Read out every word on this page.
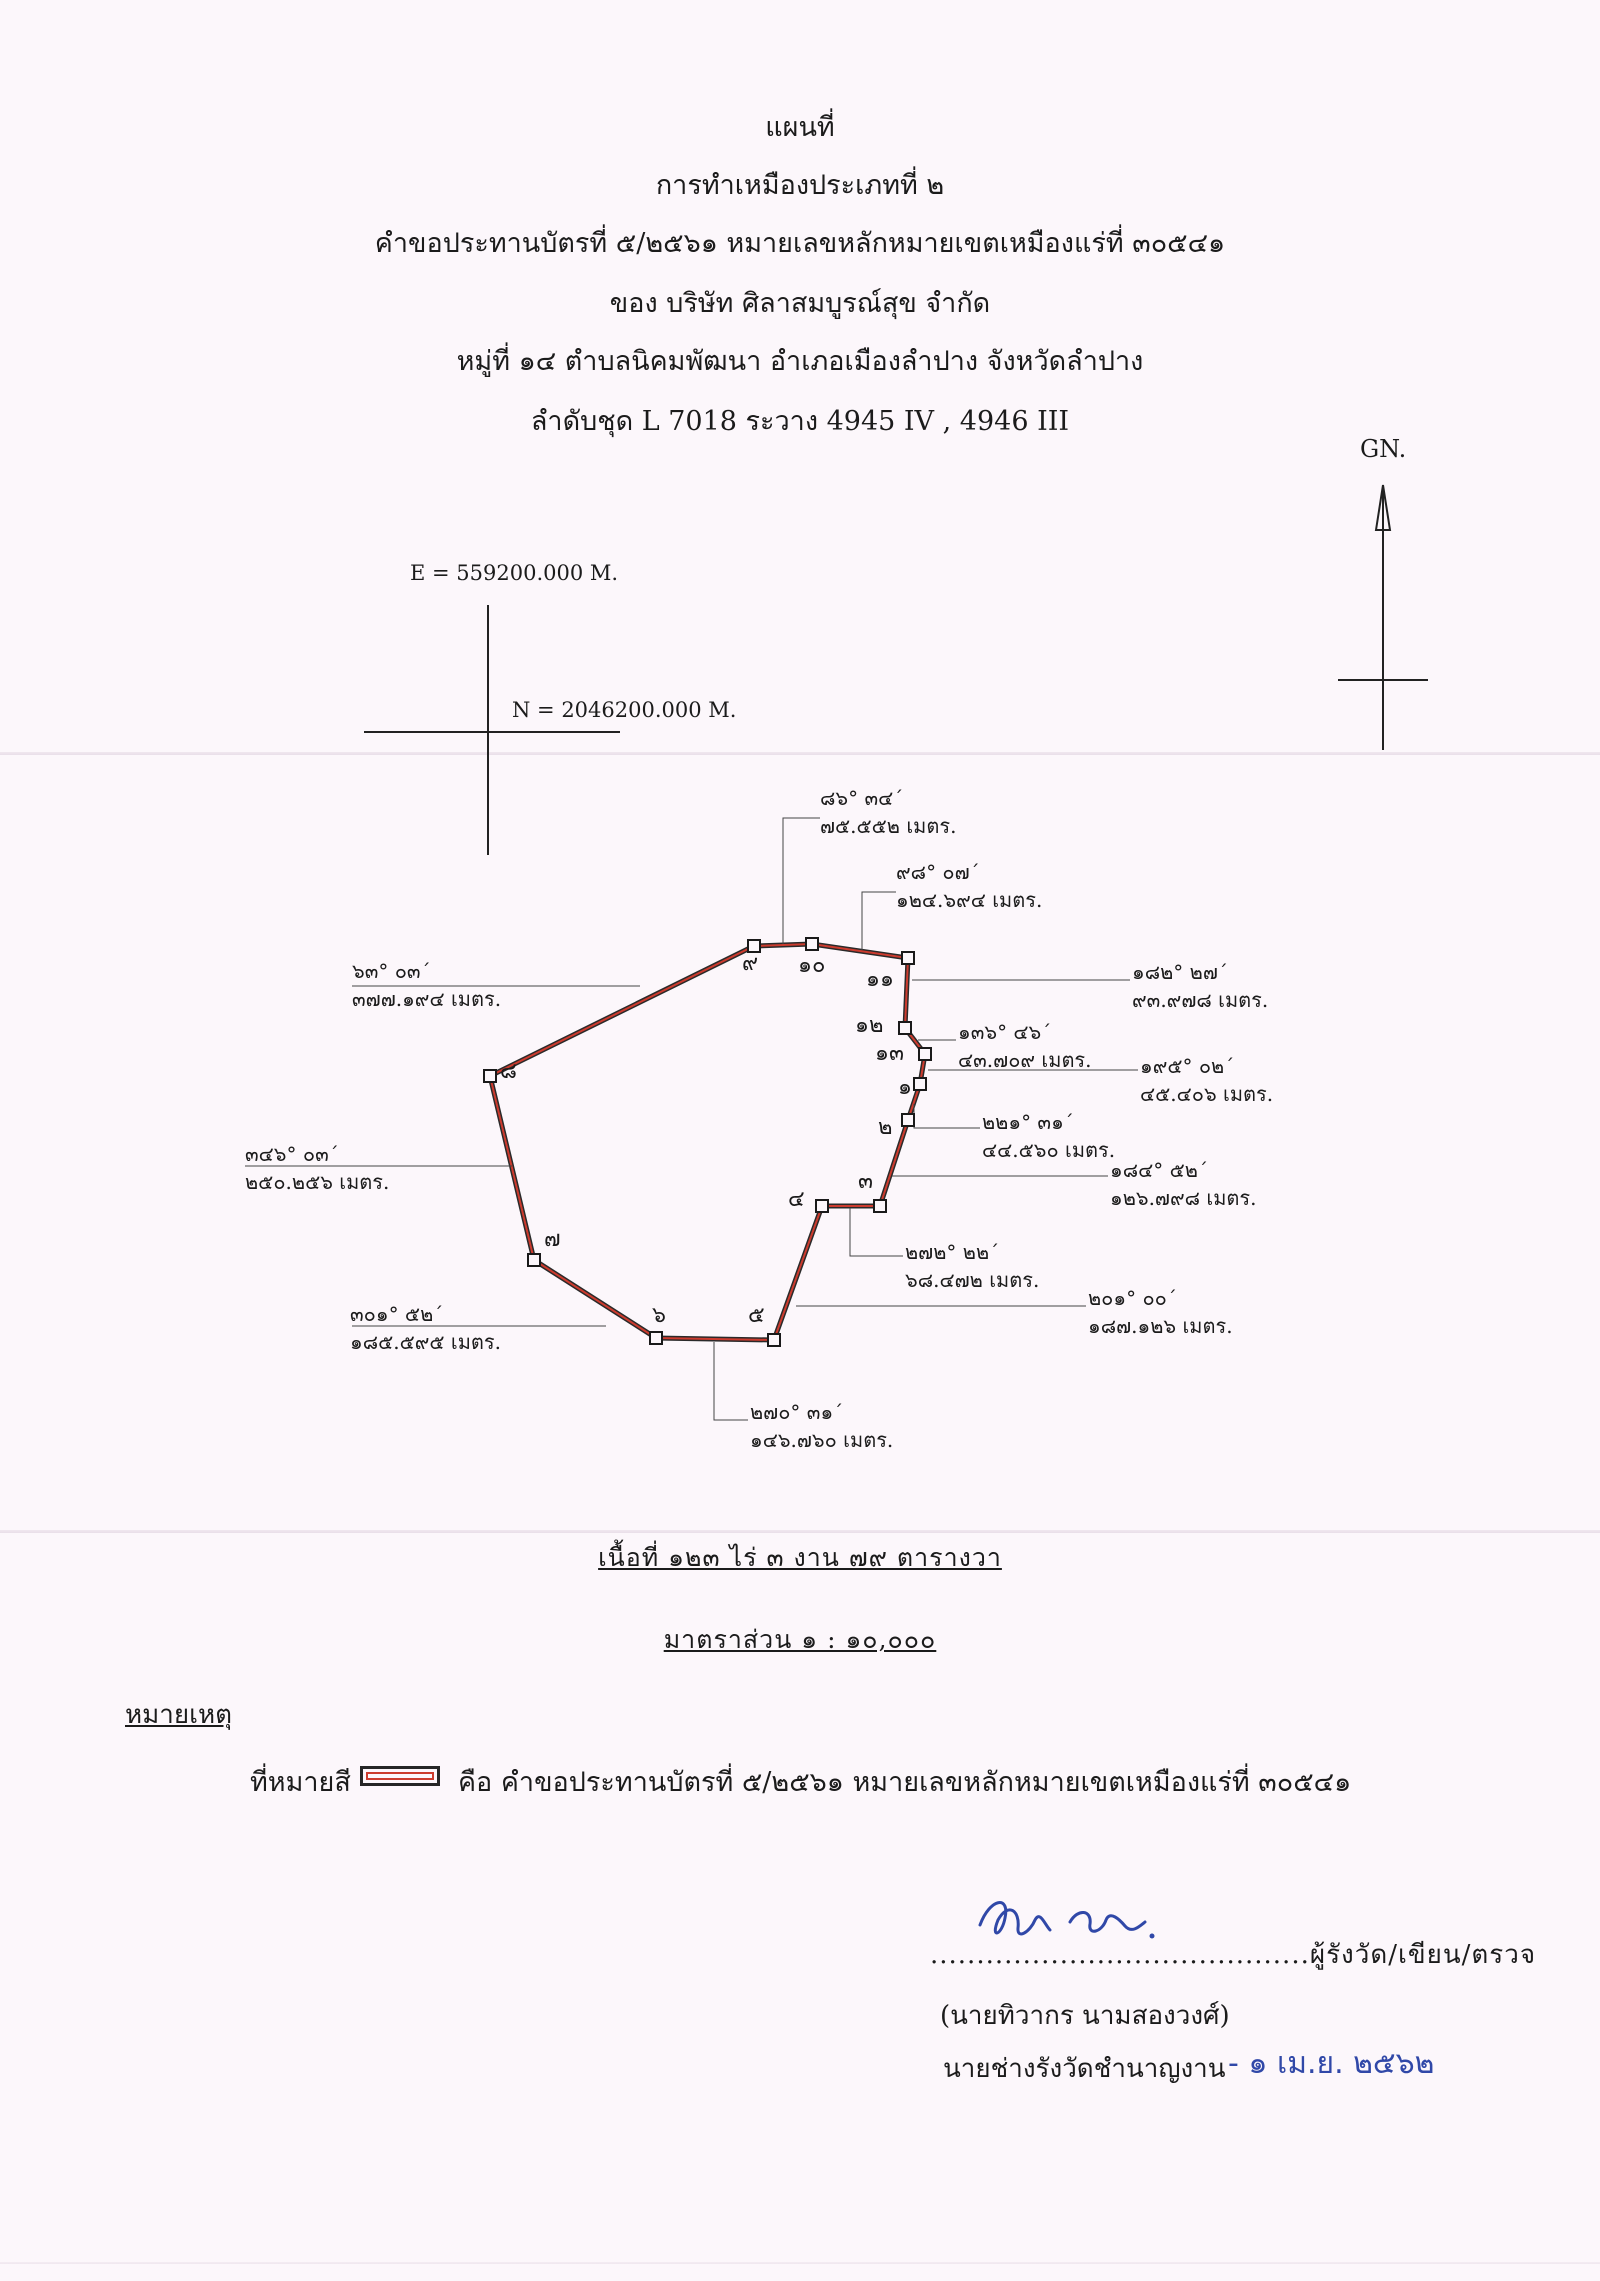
แผนที่
การทำเหมืองประเภทที่ ๒
คำขอประทานบัตรที่ ๕/๒๕๖๑ หมายเลขหลักหมายเขตเหมืองแร่ที่ ๓๐๕๔๑
ของ บริษัท ศิลาสมบูรณ์สุข จำกัด
หมู่ที่ ๑๔ ตำบลนิคมพัฒนา อำเภอเมืองลำปาง จังหวัดลำปาง
ลำดับชุด L 7018 ระวาง 4945 IV , 4946 III
GN.
E = 559200.000 M.
N = 2046200.000 M.
๑
๒
๓
๔
๕
๖
๗
๘
๙ ๑๐
๑๑
๑๒
๑๓
๘๖° ๓๔´
๗๕.๕๕๒ เมตร.
๙๘° ๐๗´
๑๒๔.๖๙๔ เมตร.
๑๘๒° ๒๗´
๙๓.๙๗๘ เมตร.
๑๓๖° ๔๖´
๔๓.๗๐๙ เมตร. ๑๙๕° ๐๒´
๔๕.๔๐๖ เมตร.
๒๒๑° ๓๑´
๔๔.๕๖๐ เมตร.
๑๘๔° ๕๒´
๑๒๖.๗๙๘ เมตร.
๒๗๒° ๒๒´
๖๘.๔๗๒ เมตร.
๒๐๑° ๐๐´
๑๘๗.๑๒๖ เมตร.
๒๗๐° ๓๑´
๑๔๖.๗๖๐ เมตร.
๓๐๑° ๕๒´
๑๘๕.๕๙๕ เมตร.
๓๔๖° ๐๓´
๒๕๐.๒๕๖ เมตร.
๖๓° ๐๓´
๓๗๗.๑๙๔ เมตร.
เนื้อที่ ๑๒๓ ไร่ ๓ งาน ๗๙ ตารางวา
มาตราส่วน ๑ : ๑๐,๐๐๐
หมายเหตุ
ที่หมายสี	คือ คำขอประทานบัตรที่ ๕/๒๕๖๑ หมายเลขหลักหมายเขตเหมืองแร่ที่ ๓๐๕๔๑
.........................................ผู้รังวัด/เขียน/ตรวจ
(นายทิวากร นามสองวงศ์)
นายช่างรังวัดชำนาญงาน - ๑ เม.ย. ๒๕๖๒
